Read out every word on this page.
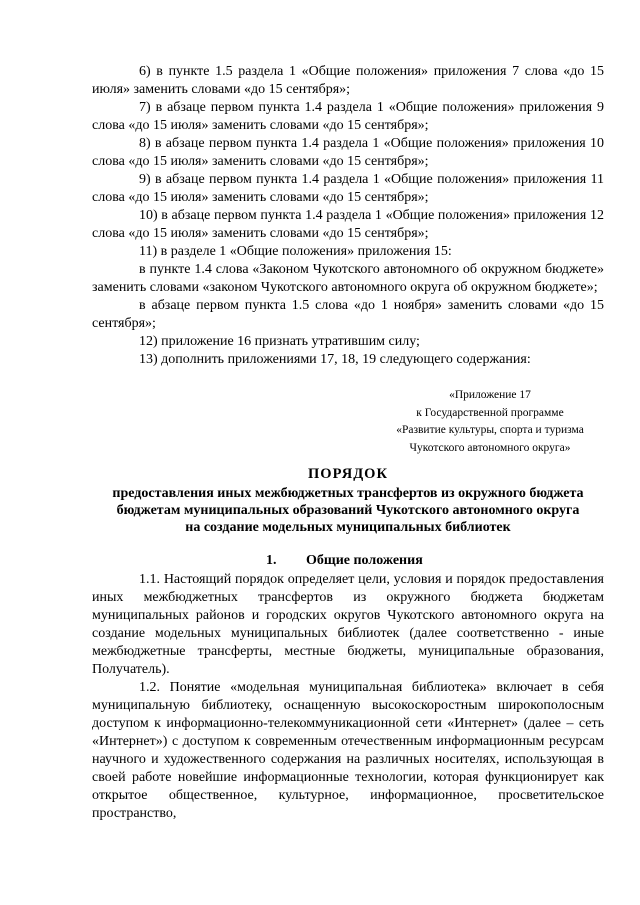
6) в пункте 1.5 раздела 1 «Общие положения» приложения 7 слова «до 15 июля» заменить словами «до 15 сентября»;

7) в абзаце первом пункта 1.4 раздела 1 «Общие положения» приложения 9 слова «до 15 июля» заменить словами «до 15 сентября»;

8) в абзаце первом пункта 1.4 раздела 1 «Общие положения» приложения 10 слова «до 15 июля» заменить словами «до 15 сентября»;

9) в абзаце первом пункта 1.4 раздела 1 «Общие положения» приложения 11 слова «до 15 июля» заменить словами «до 15 сентября»;

10) в абзаце первом пункта 1.4 раздела 1 «Общие положения» приложения 12 слова «до 15 июля» заменить словами «до 15 сентября»;

11) в разделе 1 «Общие положения» приложения 15:

в пункте 1.4 слова «Законом Чукотского автономного об окружном бюджете» заменить словами «законом Чукотского автономного округа об окружном бюджете»;

в абзаце первом пункта 1.5 слова «до 1 ноября» заменить словами «до 15 сентября»;

12) приложение 16 признать утратившим силу;

13) дополнить приложениями 17, 18, 19 следующего содержания:

«Приложение 17
к Государственной программе
«Развитие культуры, спорта и туризма
Чукотского автономного округа»
ПОРЯДОК
предоставления иных межбюджетных трансфертов из окружного бюджета
бюджетам муниципальных образований Чукотского автономного округа
на создание модельных муниципальных библиотек
1. Общие положения

1.1. Настоящий порядок определяет цели, условия и порядок предоставления иных межбюджетных трансфертов из окружного бюджета бюджетам муниципальных районов и городских округов Чукотского автономного округа на создание модельных муниципальных библиотек (далее соответственно - иные межбюджетные трансферты, местные бюджеты, муниципальные образования, Получатель).

1.2. Понятие «модельная муниципальная библиотека» включает в себя муниципальную библиотеку, оснащенную высокоскоростным широкополосным доступом к информационно-телекоммуникационной сети «Интернет» (далее – сеть «Интернет») с доступом к современным отечественным информационным ресурсам научного и художественного содержания на различных носителях, использующая в своей работе новейшие информационные технологии, которая функционирует как открытое общественное, культурное, информационное, просветительское пространство,
